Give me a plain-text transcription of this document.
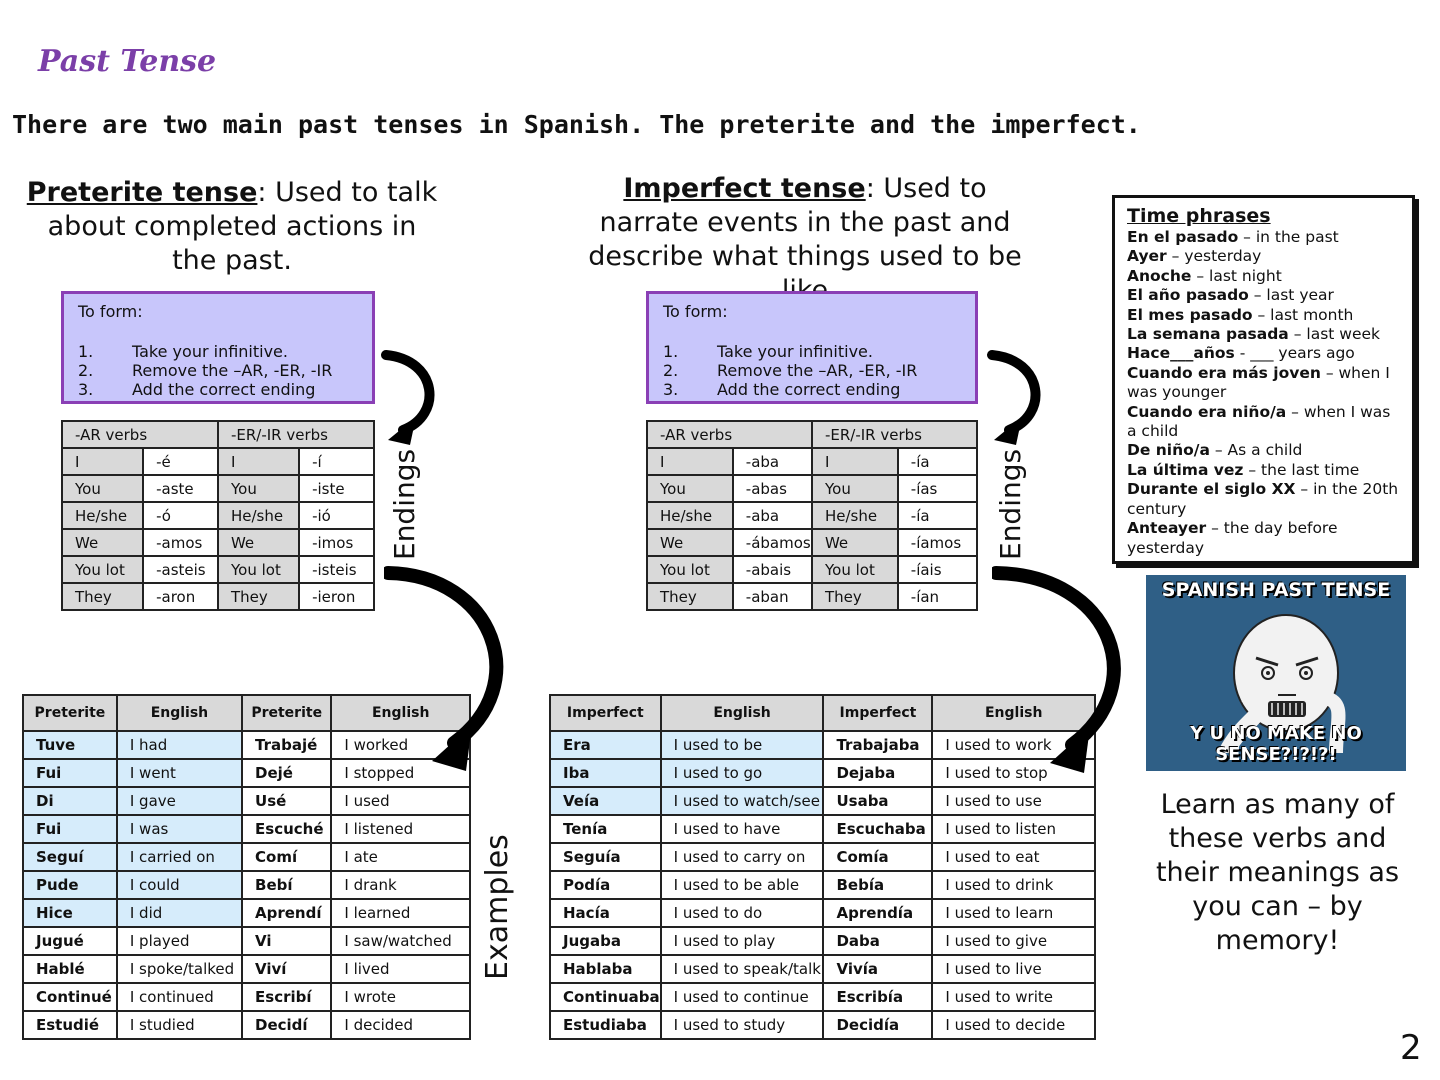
Past Tense
There are two main past tenses in Spanish. The preterite and the imperfect.
Preterite tense: Used to talk about completed actions in the past.
Imperfect tense: Used to narrate events in the past and describe what things used to be
To form:
1.	Take your infinitive.
2.	Remove the –AR, -ER, -IR
3.	Add the correct ending
To form:
1.	Take your infinitive.
2.	Remove the –AR, -ER, -IR
3.	Add the correct ending
-AR verbs		-ER/-IR verbs	
I	-é	I	-í
You	-aste	You	-iste
He/she	-ó	He/she	-ió
We	-amos	We	-imos
You lot	-asteis	You lot	-isteis
They	-aron	They	-ieron
-AR verbs		-ER/-IR verbs	
I	-aba	I	-ía
You	-abas	You	-ías
He/she	-aba	He/she	-ía
We	-ábamos	We	-íamos
You lot	-abais	You lot	-íais
They	-aban	They	-ían
Endings	Endings
Examples
Preterite	English	Preterite	English
Tuve	I had	Trabajé	I worked
Fui	I went	Dejé	I stopped
Di	I gave	Usé	I used
Fui	I was	Escuché	I listened
Seguí	I carried on	Comí	I ate
Pude	I could	Bebí	I drank
Hice	I did	Aprendí	I learned
Jugué	I played	Vi	I saw/watched
Hablé	I spoke/talked	Viví	I lived
Continué	I continued	Escribí	I wrote
Estudié	I studied	Decidí	I decided
Imperfect	English	Imperfect	English
Era	I used to be	Trabajaba	I used to work
Iba	I used to go	Dejaba	I used to stop
Veía	I used to watch/see	Usaba	I used to use
Tenía	I used to have	Escuchaba	I used to listen
Seguía	I used to carry on	Comía	I used to eat
Podía	I used to be able	Bebía	I used to drink
Hacía	I used to do	Aprendía	I used to learn
Jugaba	I used to play	Daba	I used to give
Hablaba	I used to speak/talk	Vivía	I used to live
Continuaba	I used to continue	Escribía	I used to write
Estudiaba	I used to study	Decidía	I used to decide
Time phrases
En el pasado – in the past
Ayer – yesterday
Anoche – last night
El año pasado – last year
El mes pasado – last month
La semana pasada – last week
Hace___años - ___ years ago
Cuando era más joven – when I was younger
Cuando era niño/a – when I was a child
De niño/a – As a child
La última vez – the last time
Durante el siglo XX – in the 20th century
Anteayer – the day before yesterday
SPANISH PAST TENSE
Y U NO MAKE NO SENSE?!?!?!
Learn as many of these verbs and their meanings as you can – by memory!
2
